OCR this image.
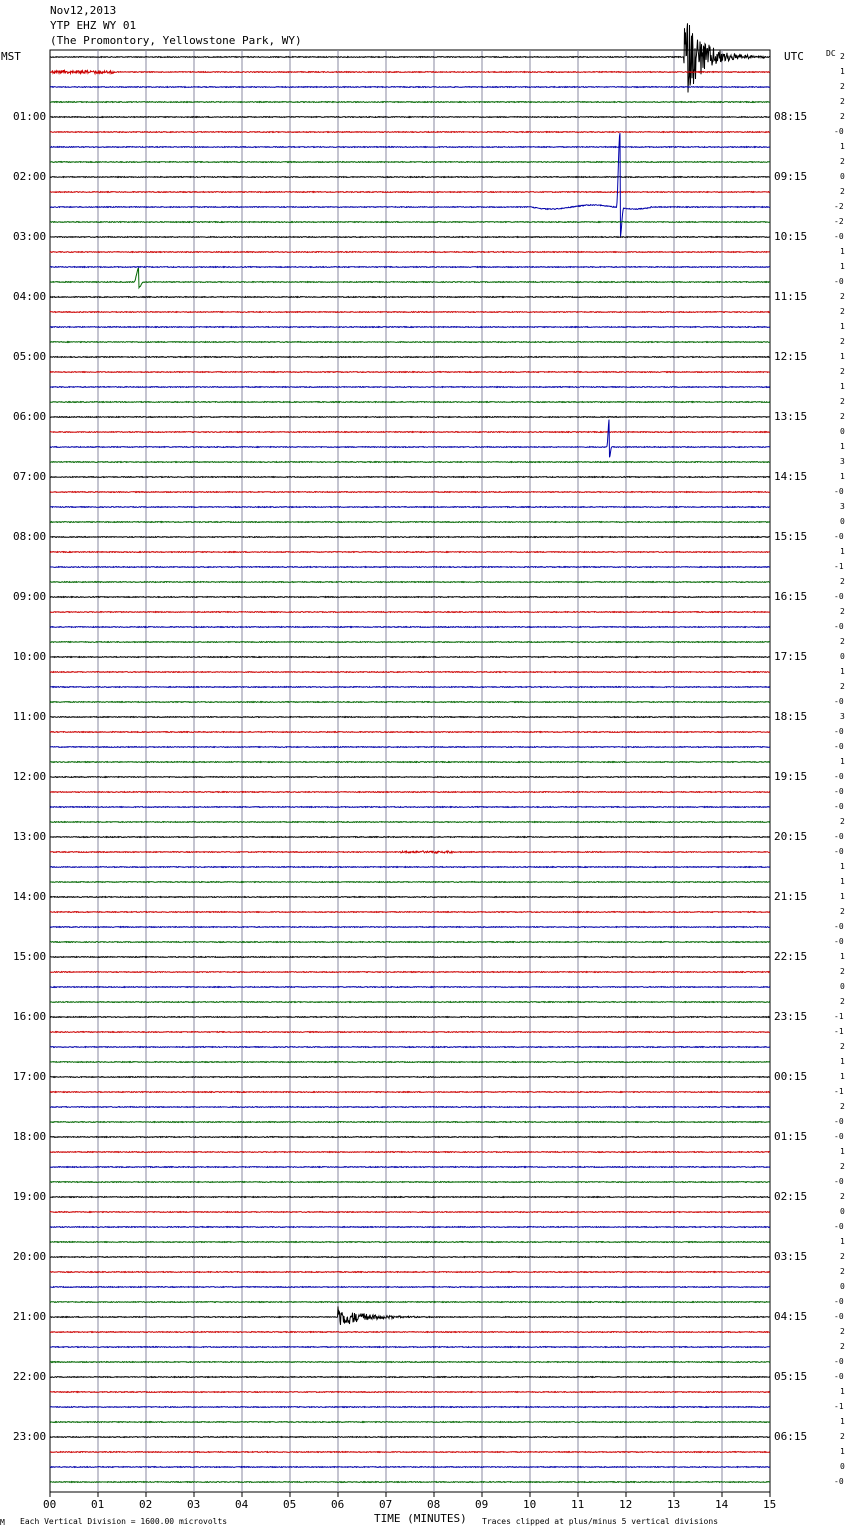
Nov12,2013
YTP EHZ WY 01
(The Promontory, Yellowstone Park, WY)
MST	DC
01:00
02:00
03:00
04:00
05:00
06:00
07:00
08:00
09:00
10:00
11:00
12:00
13:00
14:00
15:00
16:00
17:00
18:00
19:00
20:00
21:00
22:00
23:00
UTC
08:15
09:15
10:15
11:15
12:15
13:15
14:15
15:15
16:15
17:15
18:15
19:15
20:15
21:15
22:15
23:15
00:15
01:15
02:15
03:15
04:15
05:15
06:15
2
1
2
2
2
-0
1
2
0
2
-2
-2
-0
1
1
-0
2
2
1
2
1
2
1
2
2
0
1
3
1
-0
3
0
-0
1
-1
2
-0
2
-0
2
0
1
2
-0
3
-0
-0
1
-0
-0
-0
2
-0
-0
1
1
1
2
-0
-0
1
2
0
2
-1
-1
2
1
1
-1
2
-0
-0
1
2
-0
2
0
-0
1
2
2
0
-0
-0
2
2
-0
-0
1
-1
1
2
1
0
-0
00	01	02	03	04	05	06	07	08	09	10	11	12	13	14	15
M Each Vertical Division = 1600.00 microvolts	TIME (MINUTES) Traces clipped at plus/minus 5 vertical divisions
